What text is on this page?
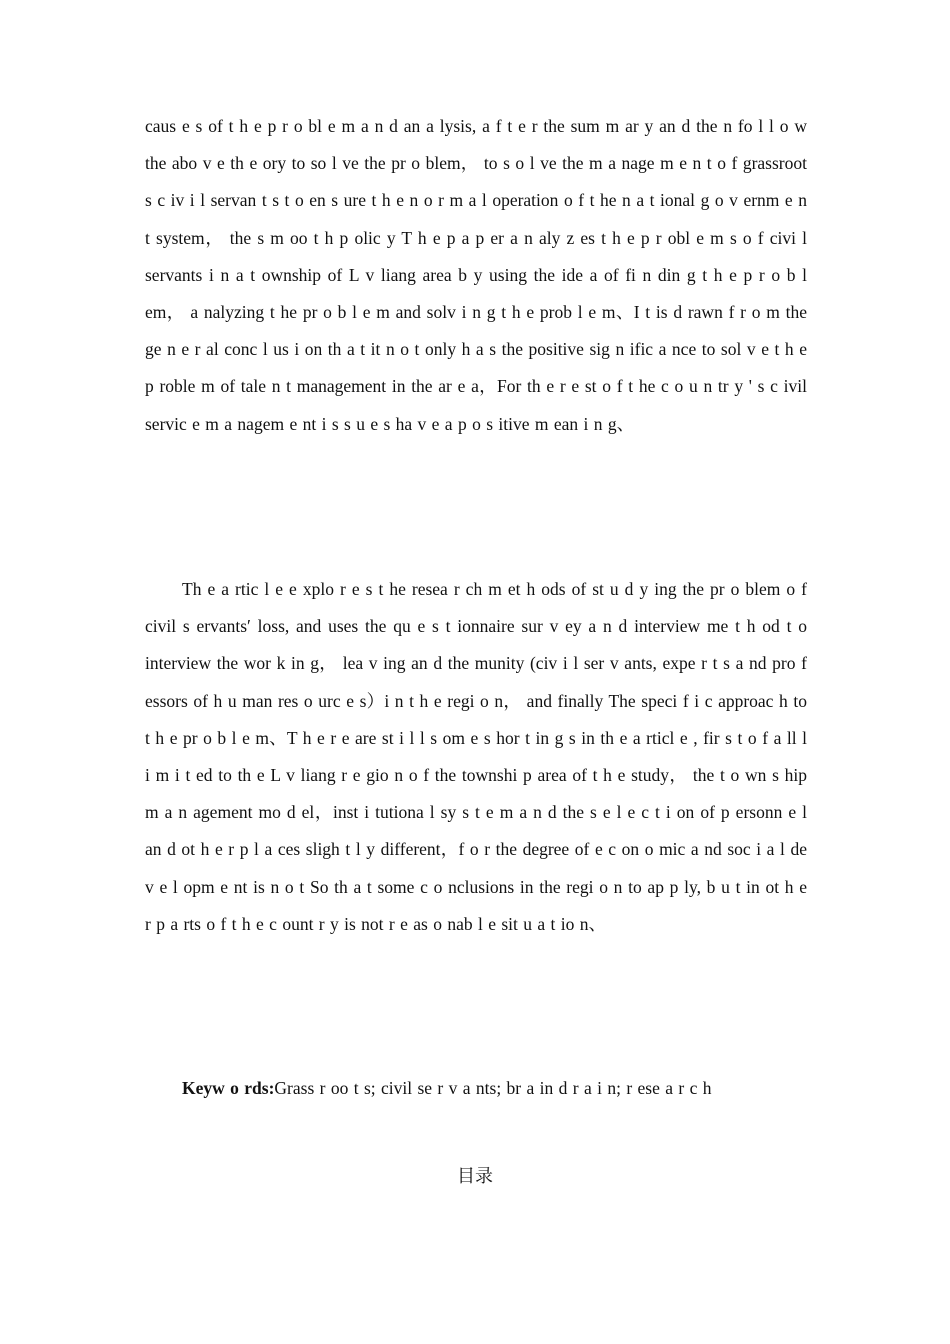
caus e s of t h e p r o bl e m a n d an a lysis, a f t e r the sum m ar y an d the n fo l l o w the abo v e th e ory to so l ve the pr o blem， to s o l ve the m a nage m e n t o f grassroot s c iv i l servan t s t o en s ure t h e n o r m a l operation o f t he n a t ional g o v ernm e n t system， the s m oo t h p olic y T h e p a p er a n aly z es t h e p r obl e m s o f civi l servants i n a t ownship of L v liang area b y using the ide a of fi n din g t h e p r o b l em， a nalyzing t he pr o b l e m and solv i n g t h e prob l e m、I t is d rawn f r o m the ge n e r al conc l us i on th a t it n o t only h a s the positive sig n ific a nce to sol v e t h e p roble m of tale n t management in the ar e a，For th e r e st o f t he c o u n tr y ' s c ivil servic e m a nagem e nt i s s u e s ha v e a p o s itive m ean i n g、

Th e a rtic l e e xplo r e s t he resea r ch m et h ods of st u d y ing the pr o blem o f civil s ervants′ loss, and uses the qu e s t ionnaire sur v ey a n d interview me t h od t o interview the wor k in g， lea v ing an d the munity (civ i l ser v ants, expe r t s a nd pro f essors of h u man res o urc e s）i n t h e regi o n， and finally The speci f i c approac h to t h e pr o b l e m、T h e r e are st i l l s om e s hor t in g s in th e a rticl e , fir s t o f a ll l i m i t ed to th e L v liang r e gio n o f the townshi p area of t h e study， the t o wn s hip m a n agement mo d el，inst i tutiona l sy s t e m a n d the s e l e c t i on of p ersonn e l an d ot h e r p l a ces sligh t l y different，f o r the degree of e c on o mic a nd soc i a l de v e l opm e nt is n o t So th a t some c o nclusions in the regi o n to ap p ly, b u t in ot h e r p a rts o f t h e c ount r y is not r e as o nab l e sit u a t io n、

Keyw o rds:Grass r oo t s; civil se r v a nts; br a in d r a i n; r ese a r c h

目录
